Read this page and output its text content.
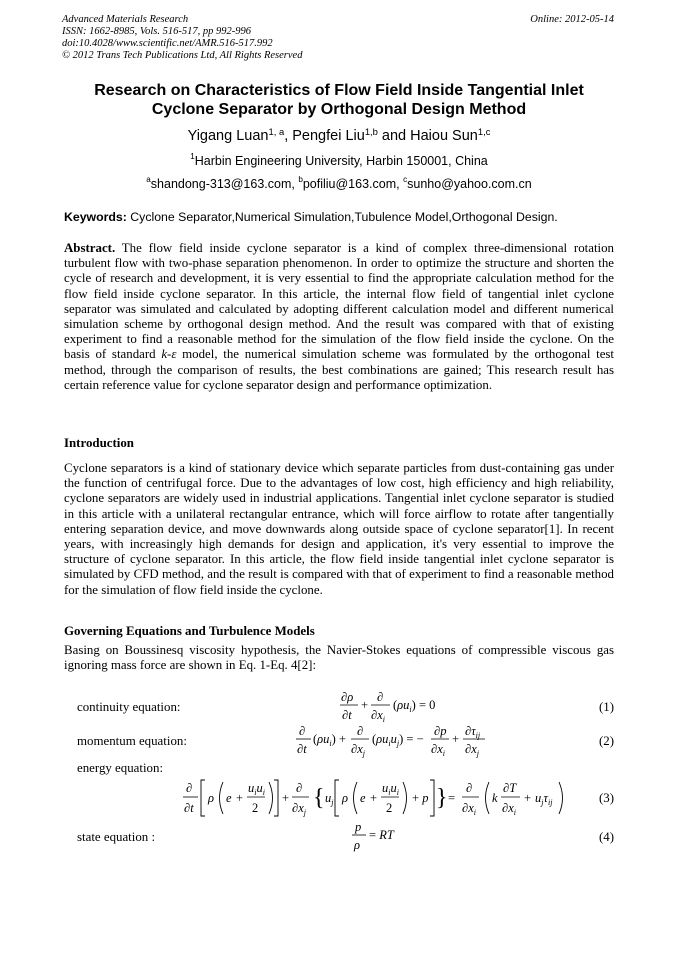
Advanced Materials Research
ISSN: 1662-8985, Vols. 516-517, pp 992-996
doi:10.4028/www.scientific.net/AMR.516-517.992
© 2012 Trans Tech Publications Ltd, All Rights Reserved
Online: 2012-05-14
Research on Characteristics of Flow Field Inside Tangential Inlet
Cyclone Separator by Orthogonal Design Method
Yigang Luan$^{1, a}$, Pengfei Liu$^{1,b}$ and Haiou Sun$^{1,c}$
$^1$Harbin Engineering University, Harbin 150001, China
$^a$shandong-313@163.com, $^b$pofiliu@163.com, $^c$sunho@yahoo.com.cn
Keywords: Cyclone Separator,Numerical Simulation,Tubulence Model,Orthogonal Design.

Abstract. The flow field inside cyclone separator is a kind of complex three-dimensional rotation turbulent flow with two-phase separation phenomenon. In order to optimize the structure and shorten the cycle of research and development, it is very essential to find the appropriate calculation method for the flow field inside cyclone separator. In this article, the internal flow field of tangential inlet cyclone separator was simulated and calculated by adopting different calculation model and different numerical simulation scheme by orthogonal design method. And the result was compared with that of existing experiment to find a reasonable method for the simulation of the flow field inside the cyclone. On the basis of standard k-ε model, the numerical simulation scheme was formulated by the orthogonal test method, through the comparison of results, the best combinations are gained; This research result has certain reference value for cyclone separator design and performance optimization.

Introduction

Cyclone separators is a kind of stationary device which separate particles from dust-containing gas under the function of centrifugal force. Due to the advantages of low cost, high efficiency and high reliability, cyclone separators are widely used in industrial applications. Tangential inlet cyclone separator is studied in this article with a unilateral rectangular entrance, which will force airflow to rotate after tangentially entering separation device, and move downwards along outside space of cyclone separator[1]. In recent years, with increasingly high demands for design and application, it's very essential to improve the structure of cyclone separator. In this article, the flow field inside tangential inlet cyclone separator is simulated by CFD method, and the result is compared with that of experiment to find a reasonable method for the simulation of flow field inside the cyclone.

Governing Equations and Turbulence Models

Basing on Boussinesq viscosity hypothesis, the Navier-Stokes equations of compressible viscous gas ignoring mass force are shown in Eq. 1-Eq. 4[2]:

continuity equation:
∂ρ
∂t
+
∂
$\partial x_i$
$(\rho u_i) = 0$	(1)
momentum equation:
∂
∂t
$(\rho u_i)$ +
∂
$\partial x_j$
$(\rho u_iu_j)$ = −
∂p
$\partial x_i$
+
$\partial\tau_{ij}$
$\partial x_j$
(2)
energy equation:
∂
∂t
ρ e +
$u_iu_i$
2
+
∂
$\partial x_j$
{ $u_j$ ρ e +
$u_iu_i$
2
+ p } =
∂
$\partial x_i$
k
∂T
$\partial x_i$
+ $u_j\tau_{ij}$	(3)
state equation :
p
ρ
= RT	(4)
